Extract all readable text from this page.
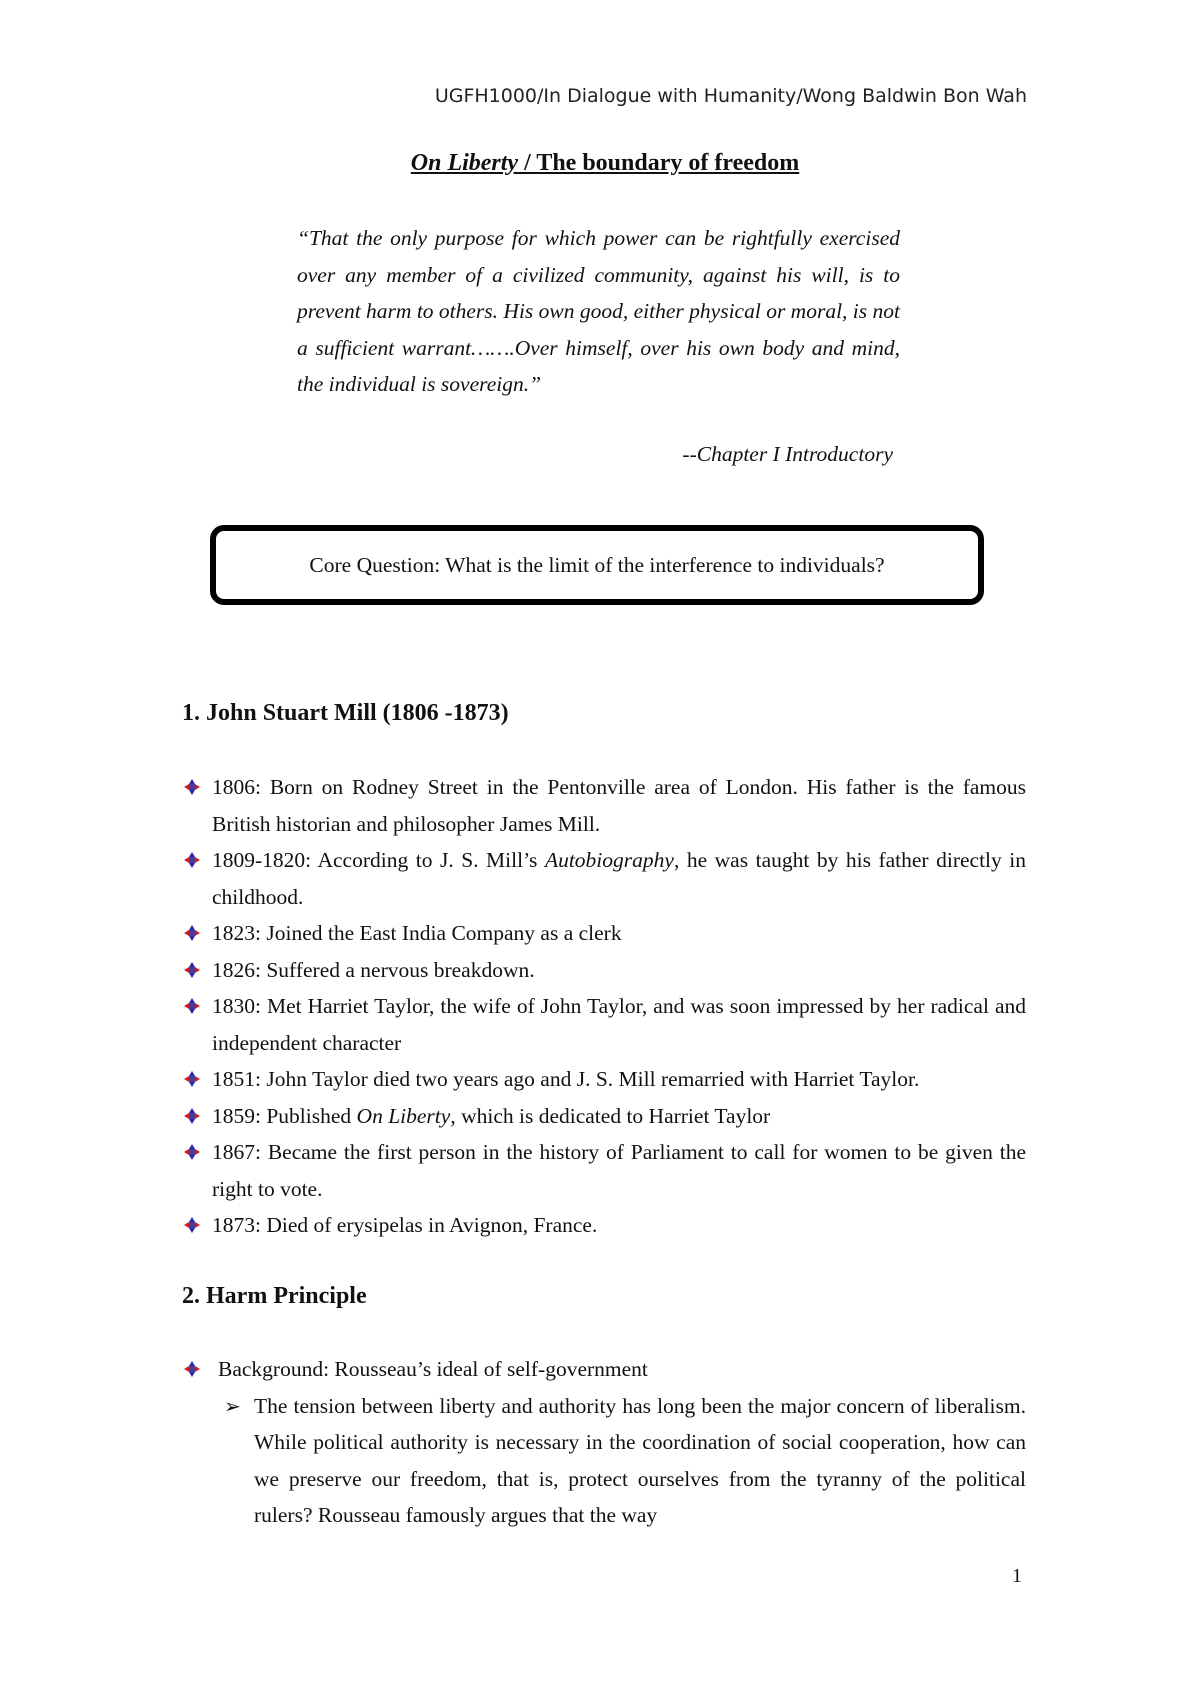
UGFH1000/In Dialogue with Humanity/Wong Baldwin Bon Wah
On Liberty / The boundary of freedom
“That the only purpose for which power can be rightfully exercised over any member of a civilized community, against his will, is to prevent harm to others. His own good, either physical or moral, is not a sufficient warrant…….Over himself, over his own body and mind, the individual is sovereign.”
--Chapter I Introductory
Core Question: What is the limit of the interference to individuals?
1. John Stuart Mill (1806 -1873)
1806: Born on Rodney Street in the Pentonville area of London. His father is the famous British historian and philosopher James Mill.
1809-1820: According to J. S. Mill’s Autobiography, he was taught by his father directly in childhood.
1823: Joined the East India Company as a clerk
1826: Suffered a nervous breakdown.
1830: Met Harriet Taylor, the wife of John Taylor, and was soon impressed by her radical and independent character
1851: John Taylor died two years ago and J. S. Mill remarried with Harriet Taylor.
1859: Published On Liberty, which is dedicated to Harriet Taylor
1867: Became the first person in the history of Parliament to call for women to be given the right to vote.
1873: Died of erysipelas in Avignon, France.
2. Harm Principle
Background: Rousseau’s ideal of self-government
➢ The tension between liberty and authority has long been the major concern of liberalism. While political authority is necessary in the coordination of social cooperation, how can we preserve our freedom, that is, protect ourselves from the tyranny of the political rulers? Rousseau famously argues that the way
1
